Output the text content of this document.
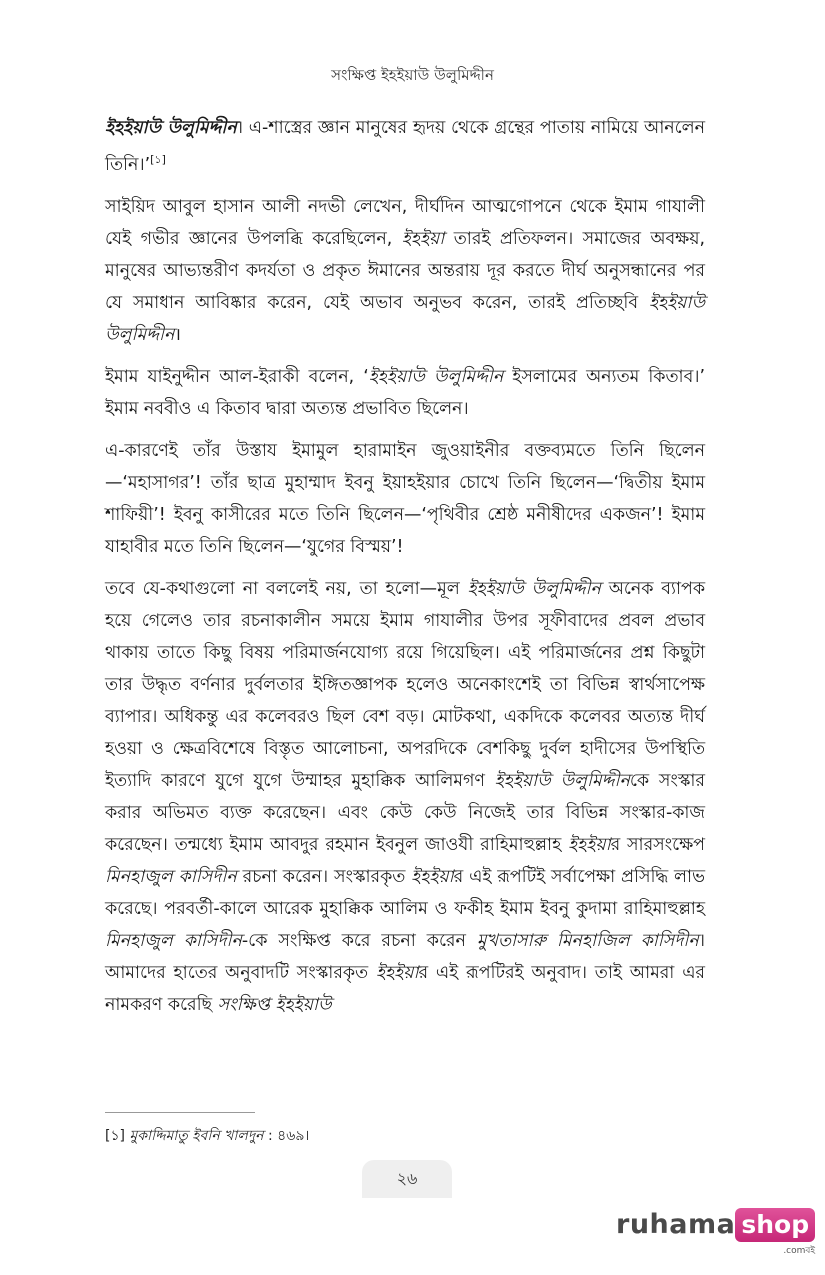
সংক্ষিপ্ত ইহইয়াউ উলুমিদ্দীন

ইহইয়াউ উলুমিদ্দীন। এ-শাস্ত্রের জ্ঞান মানুষের হৃদয় থেকে গ্রন্থের পাতায় নামিয়ে আনলেন তিনি।’[১]

সাইয়িদ আবুল হাসান আলী নদভী লেখেন, দীর্ঘদিন আত্মগোপনে থেকে ইমাম গাযালী যেই গভীর জ্ঞানের উপলব্ধি করেছিলেন, ইহইয়া তারই প্রতিফলন। সমাজের অবক্ষয়, মানুষের আভ্যন্তরীণ কদর্যতা ও প্রকৃত ঈমানের অন্তরায় দূর করতে দীর্ঘ অনুসন্ধানের পর যে সমাধান আবিষ্কার করেন, যেই অভাব অনুভব করেন, তারই প্রতিচ্ছবি ইহইয়াউ উলুমিদ্দীন।

ইমাম যাইনুদ্দীন আল-ইরাকী বলেন, ‘ইহইয়াউ উলুমিদ্দীন ইসলামের অন্যতম কিতাব।’ ইমাম নববীও এ কিতাব দ্বারা অত্যন্ত প্রভাবিত ছিলেন।

এ-কারণেই তাঁর উস্তায ইমামুল হারামাইন জুওয়াইনীর বক্তব্যমতে তিনি ছিলেন—‘মহাসাগর’! তাঁর ছাত্র মুহাম্মাদ ইবনু ইয়াহইয়ার চোখে তিনি ছিলেন—‘দ্বিতীয় ইমাম শাফিয়ী’! ইবনু কাসীরের মতে তিনি ছিলেন—‘পৃথিবীর শ্রেষ্ঠ মনীষীদের একজন’! ইমাম যাহাবীর মতে তিনি ছিলেন—‘যুগের বিস্ময়’!

তবে যে-কথাগুলো না বললেই নয়, তা হলো—মূল ইহইয়াউ উলুমিদ্দীন অনেক ব্যাপক হয়ে গেলেও তার রচনাকালীন সময়ে ইমাম গাযালীর উপর সূফীবাদের প্রবল প্রভাব থাকায় তাতে কিছু বিষয় পরিমার্জনযোগ্য রয়ে গিয়েছিল। এই পরিমার্জনের প্রশ্ন কিছুটা তার উদ্ধৃত বর্ণনার দুর্বলতার ইঙ্গিতজ্ঞাপক হলেও অনেকাংশেই তা বিভিন্ন স্বার্থসাপেক্ষ ব্যাপার। অধিকন্তু এর কলেবরও ছিল বেশ বড়। মোটকথা, একদিকে কলেবর অত্যন্ত দীর্ঘ হওয়া ও ক্ষেত্রবিশেষে বিস্তৃত আলোচনা, অপরদিকে বেশকিছু দুর্বল হাদীসের উপস্থিতি ইত্যাদি কারণে যুগে যুগে উম্মাহর মুহাক্কিক আলিমগণ ইহইয়াউ উলুমিদ্দীনকে সংস্কার করার অভিমত ব্যক্ত করেছেন। এবং কেউ কেউ নিজেই তার বিভিন্ন সংস্কার-কাজ করেছেন। তন্মধ্যে ইমাম আবদুর রহমান ইবনুল জাওযী রাহিমাহুল্লাহ ইহইয়ার সারসংক্ষেপ মিনহাজুল কাসিদীন রচনা করেন। সংস্কারকৃত ইহইয়ার এই রূপটিই সর্বাপেক্ষা প্রসিদ্ধি লাভ করেছে। পরবর্তী-কালে আরেক মুহাক্কিক আলিম ও ফকীহ ইমাম ইবনু কুদামা রাহিমাহুল্লাহ মিনহাজুল কাসিদীন-কে সংক্ষিপ্ত করে রচনা করেন মুখতাসারু মিনহাজিল কাসিদীন। আমাদের হাতের অনুবাদটি সংস্কারকৃত ইহইয়ার এই রূপটিরই অনুবাদ। তাই আমরা এর নামকরণ করেছি সংক্ষিপ্ত ইহইয়াউ

[১] মুকাদ্দিমাতু ইবনি খালদুন : ৪৬৯।
২৬
ruhama shop
.comবই
